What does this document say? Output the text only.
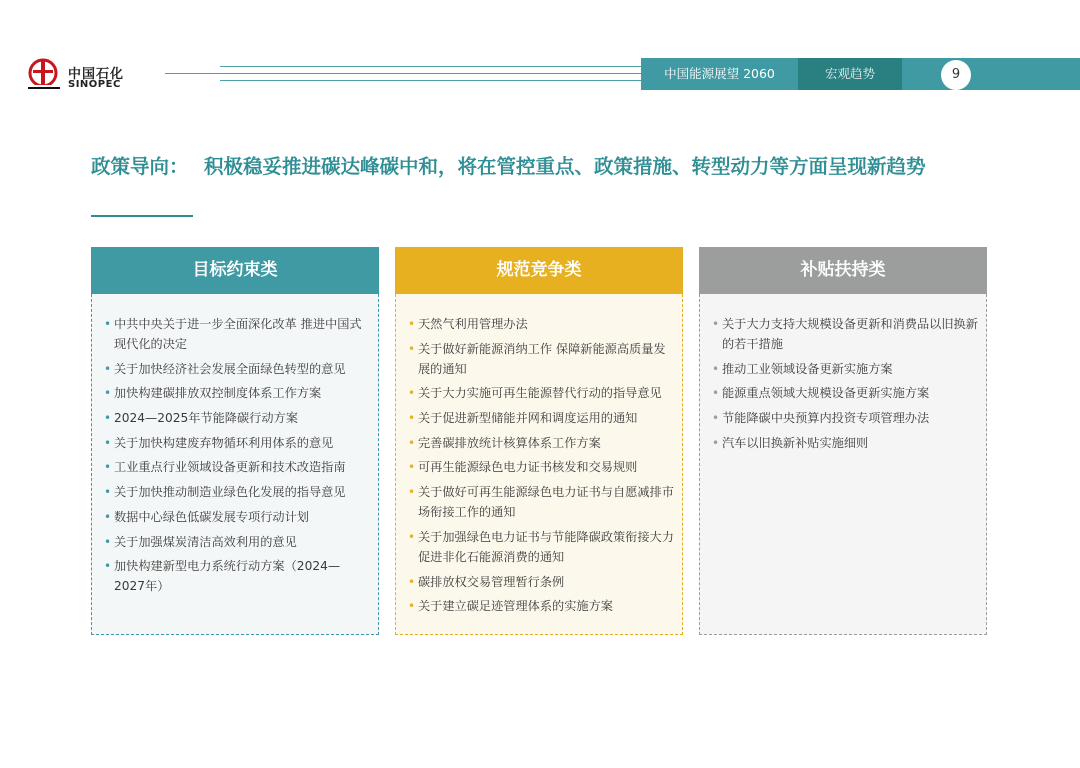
中国石化
SINOPEC
中国能源展望 2060	宏观趋势	9
政策导向： 积极稳妥推进碳达峰碳中和，将在管控重点、政策措施、转型动力等方面呈现新趋势
目标约束类
• 中共中央关于进一步全面深化改革 推进中国式现代化的决定
• 关于加快经济社会发展全面绿色转型的意见
• 加快构建碳排放双控制度体系工作方案
• 2024—2025年节能降碳行动方案
• 关于加快构建废弃物循环利用体系的意见
• 工业重点行业领域设备更新和技术改造指南
• 关于加快推动制造业绿色化发展的指导意见
• 数据中心绿色低碳发展专项行动计划
• 关于加强煤炭清洁高效利用的意见
• 加快构建新型电力系统行动方案（2024—2027年）
规范竞争类
• 天然气利用管理办法
• 关于做好新能源消纳工作 保障新能源高质量发展的通知
• 关于大力实施可再生能源替代行动的指导意见
• 关于促进新型储能并网和调度运用的通知
• 完善碳排放统计核算体系工作方案
• 可再生能源绿色电力证书核发和交易规则
• 关于做好可再生能源绿色电力证书与自愿减排市场衔接工作的通知
• 关于加强绿色电力证书与节能降碳政策衔接大力促进非化石能源消费的通知
• 碳排放权交易管理暂行条例
• 关于建立碳足迹管理体系的实施方案
补贴扶持类
• 关于大力支持大规模设备更新和消费品以旧换新的若干措施
• 推动工业领域设备更新实施方案
• 能源重点领域大规模设备更新实施方案
• 节能降碳中央预算内投资专项管理办法
• 汽车以旧换新补贴实施细则
